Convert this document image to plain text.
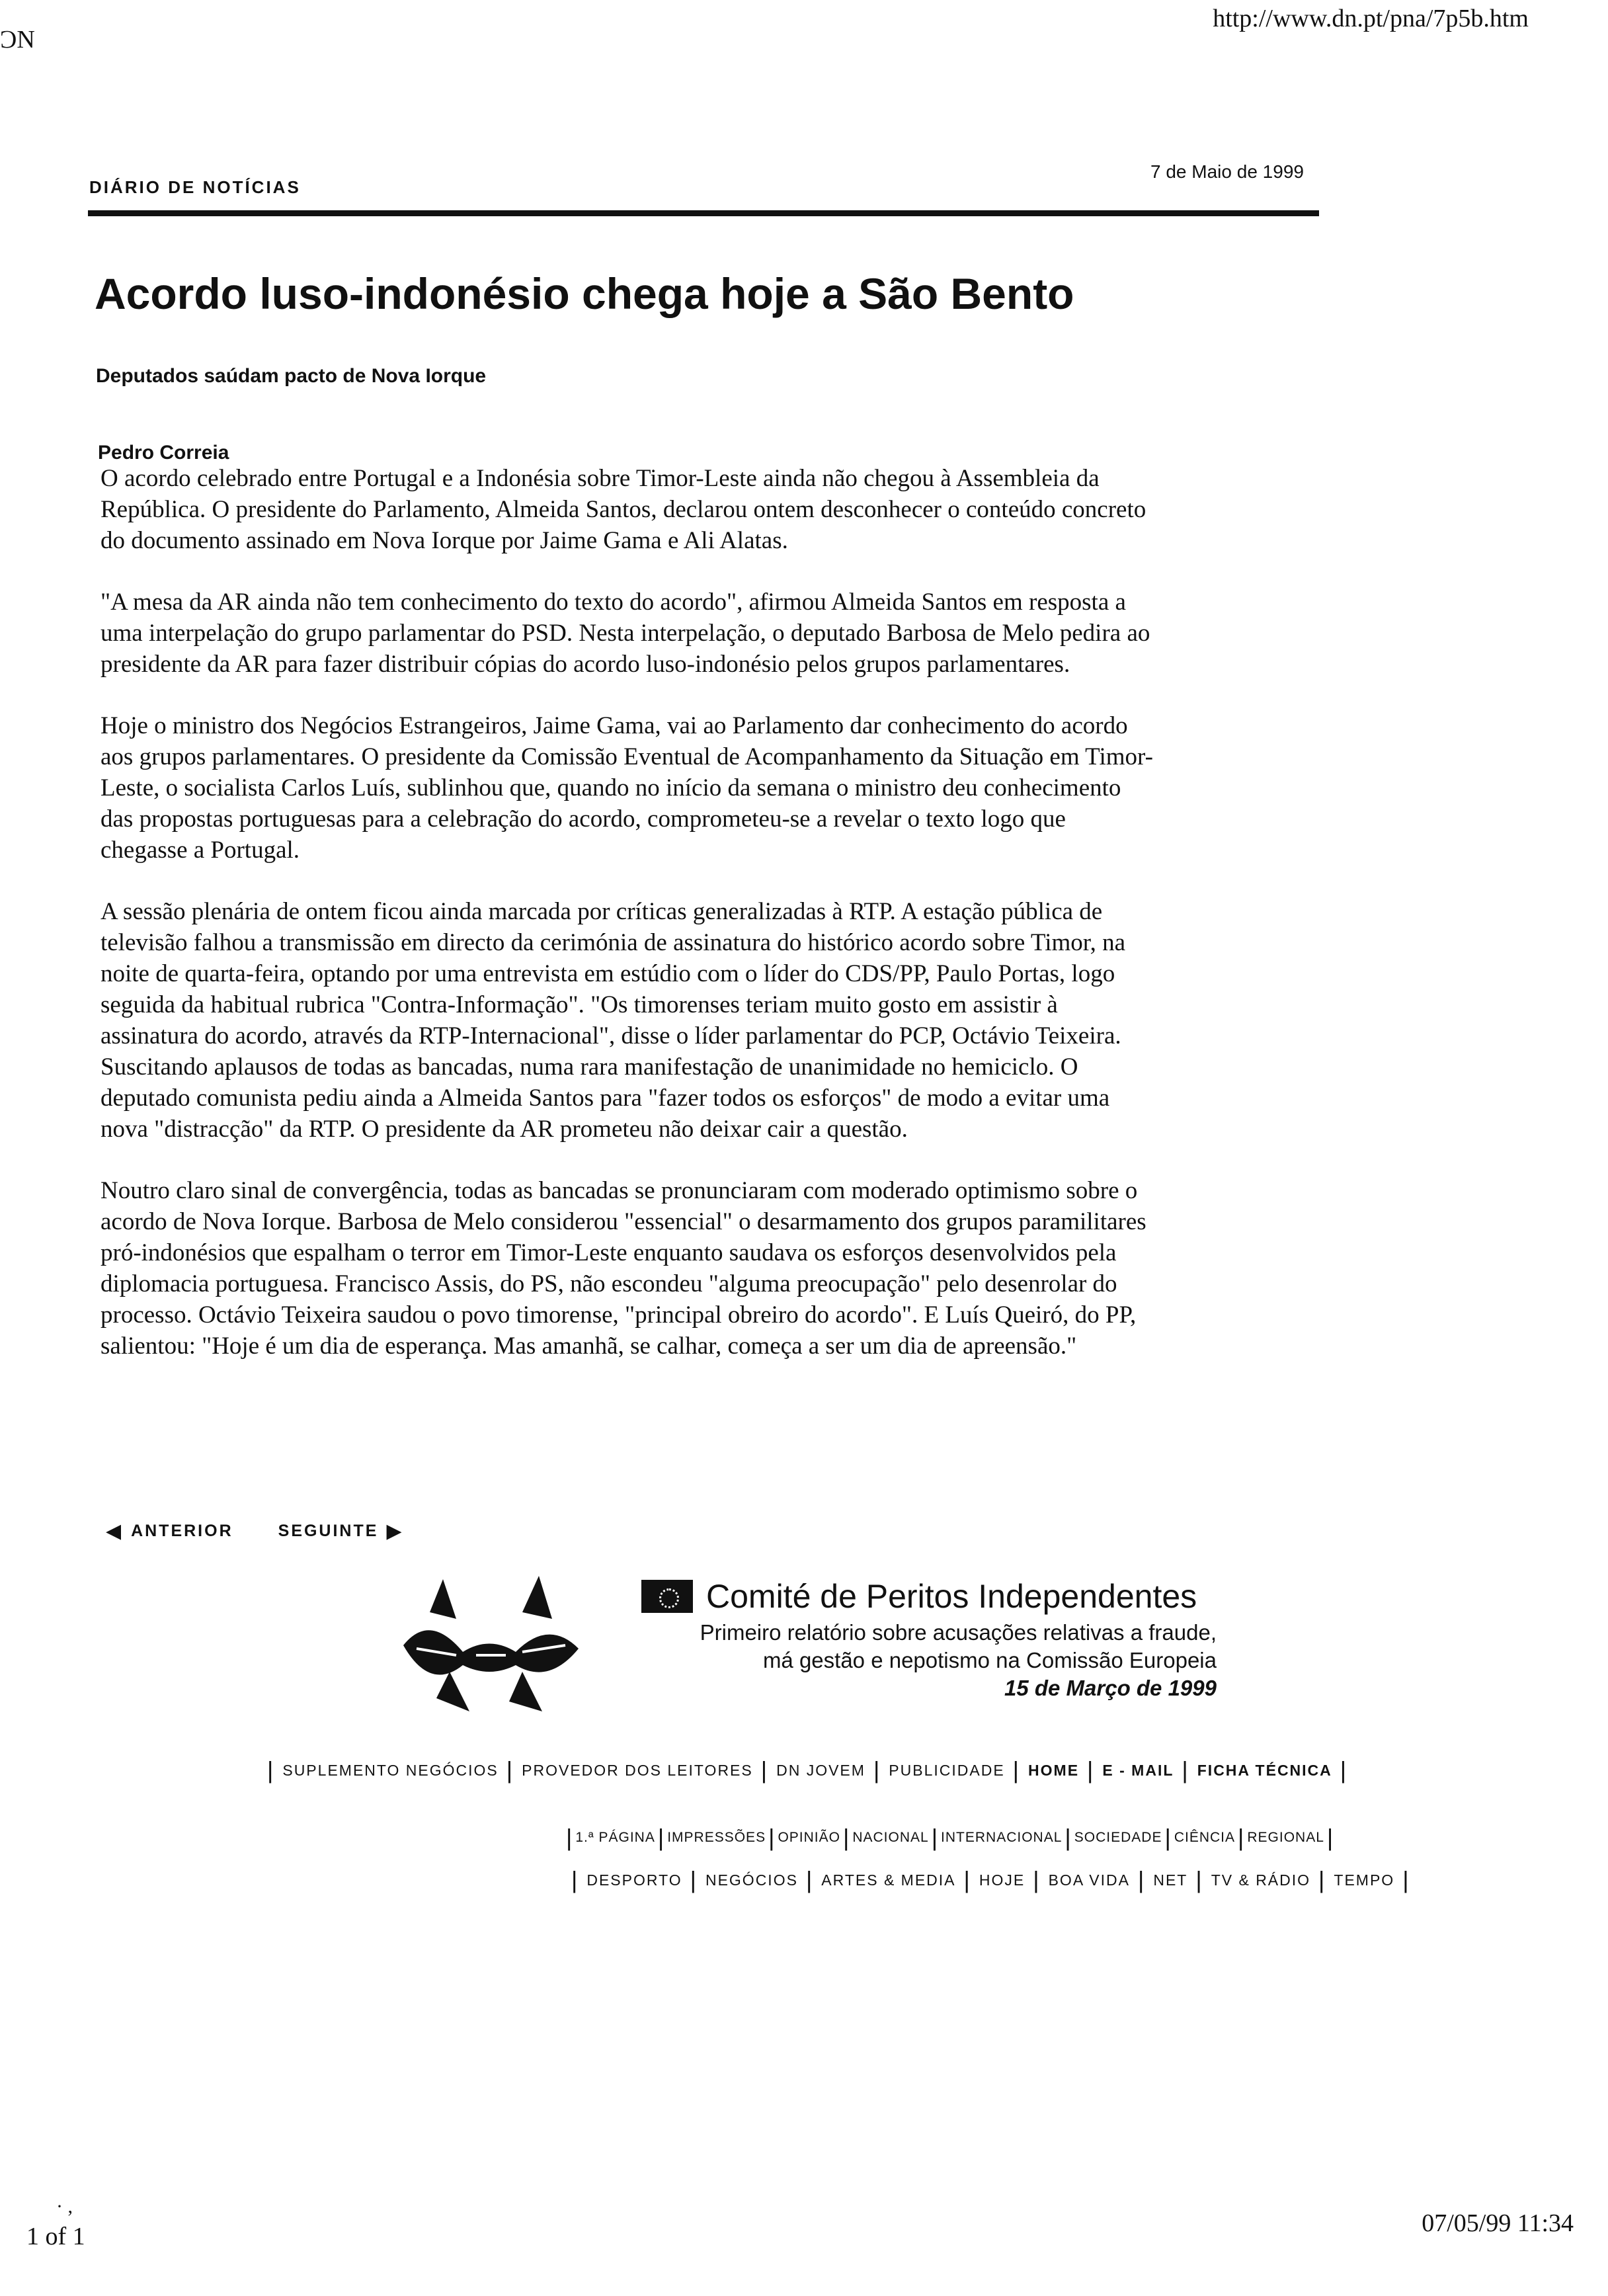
ƆN
http://www.dn.pt/pna/7p5b.htm
DIÁRIO DE NOTÍCIAS
7 de Maio de 1999
Acordo luso-indonésio chega hoje a São Bento
Deputados saúdam pacto de Nova Iorque
Pedro Correia

O acordo celebrado entre Portugal e a Indonésia sobre Timor-Leste ainda não chegou à Assembleia da República. O presidente do Parlamento, Almeida Santos, declarou ontem desconhecer o conteúdo concreto do documento assinado em Nova Iorque por Jaime Gama e Ali Alatas.

"A mesa da AR ainda não tem conhecimento do texto do acordo", afirmou Almeida Santos em resposta a uma interpelação do grupo parlamentar do PSD. Nesta interpelação, o deputado Barbosa de Melo pedira ao presidente da AR para fazer distribuir cópias do acordo luso-indonésio pelos grupos parlamentares.

Hoje o ministro dos Negócios Estrangeiros, Jaime Gama, vai ao Parlamento dar conhecimento do acordo aos grupos parlamentares. O presidente da Comissão Eventual de Acompanhamento da Situação em Timor-Leste, o socialista Carlos Luís, sublinhou que, quando no início da semana o ministro deu conhecimento das propostas portuguesas para a celebração do acordo, comprometeu-se a revelar o texto logo que chegasse a Portugal.

A sessão plenária de ontem ficou ainda marcada por críticas generalizadas à RTP. A estação pública de televisão falhou a transmissão em directo da cerimónia de assinatura do histórico acordo sobre Timor, na noite de quarta-feira, optando por uma entrevista em estúdio com o líder do CDS/PP, Paulo Portas, logo seguida da habitual rubrica "Contra-Informação". "Os timorenses teriam muito gosto em assistir à assinatura do acordo, através da RTP-Internacional", disse o líder parlamentar do PCP, Octávio Teixeira. Suscitando aplausos de todas as bancadas, numa rara manifestação de unanimidade no hemiciclo. O deputado comunista pediu ainda a Almeida Santos para "fazer todos os esforços" de modo a evitar uma nova "distracção" da RTP. O presidente da AR prometeu não deixar cair a questão.

Noutro claro sinal de convergência, todas as bancadas se pronunciaram com moderado optimismo sobre o acordo de Nova Iorque. Barbosa de Melo considerou "essencial" o desarmamento dos grupos paramilitares pró-indonésios que espalham o terror em Timor-Leste enquanto saudava os esforços desenvolvidos pela diplomacia portuguesa. Francisco Assis, do PS, não escondeu "alguma preocupação" pelo desenrolar do processo. Octávio Teixeira saudou o povo timorense, "principal obreiro do acordo". E Luís Queiró, do PP, salientou: "Hoje é um dia de esperança. Mas amanhã, se calhar, começa a ser um dia de apreensão."

◀ ANTERIOR	SEGUINTE ▶
Comité de Peritos Independentes
Primeiro relatório sobre acusações relativas a fraude,
má gestão e nepotismo na Comissão Europeia
15 de Março de 1999
| SUPLEMENTO NEGÓCIOS | PROVEDOR DOS LEITORES | DN JOVEM | PUBLICIDADE | HOME | E - MAIL | FICHA TÉCNICA |
| 1.ª PÁGINA | IMPRESSÕES | OPINIÃO | NACIONAL | INTERNACIONAL | SOCIEDADE | CIÊNCIA | REGIONAL |
| DESPORTO | NEGÓCIOS | ARTES & MEDIA | HOJE | BOA VIDA | NET | TV & RÁDIO | TEMPO |
· ,
1 of 1	07/05/99 11:34
